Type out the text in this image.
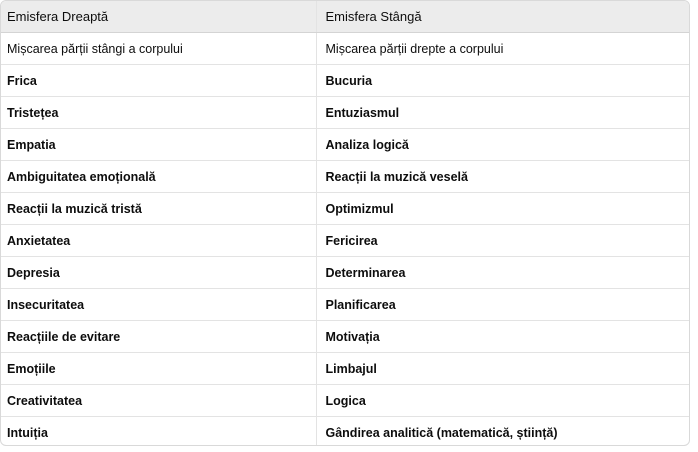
Emisfera Dreaptă	Emisfera Stângă
Mișcarea părții stângi a corpului	Mișcarea părții drepte a corpului
Frica	Bucuria
Tristețea	Entuziasmul
Empatia	Analiza logică
Ambiguitatea emoțională	Reacții la muzică veselă
Reacții la muzică tristă	Optimizmul
Anxietatea	Fericirea
Depresia	Determinarea
Insecuritatea	Planificarea
Reacțiile de evitare	Motivația
Emoțiile	Limbajul
Creativitatea	Logica
Intuiția	Gândirea analitică (matematică, știință)
